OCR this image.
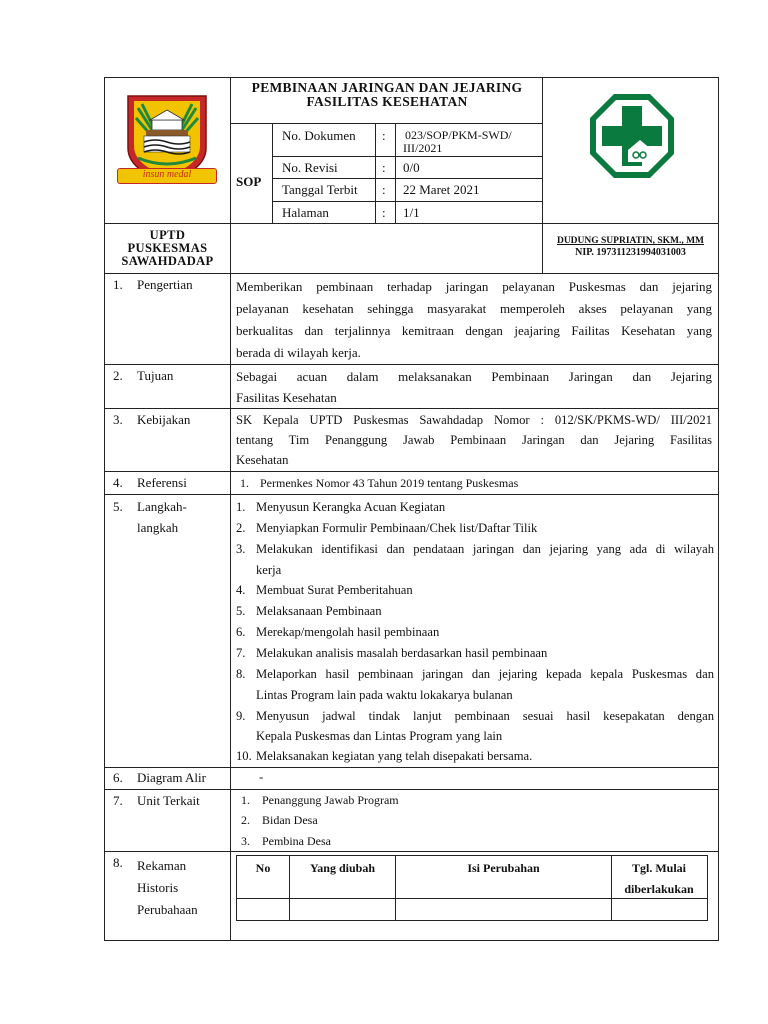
insun medal
PEMBINAAN JARINGAN DAN JEJARING
FASILITAS KESEHATAN
SOP
No. Dokumen : 023/SOP/PKM-SWD/
III/2021
No. Revisi	: 0/0
Tanggal Terbit : 22 Maret 2021
Halaman	: 1/1
UPTD
PUSKESMAS
SAWAHDADAP
DUDUNG SUPRIATIN, SKM., MM
NIP. 197311231994031003
1. Pengertian	Memberikan pembinaan terhadap jaringan pelayanan Puskesmas dan jejaring
pelayanan kesehatan sehingga masyarakat memperoleh akses pelayanan yang
berkualitas dan terjalinnya kemitraan dengan jeajaring Failitas Kesehatan yang
berada di wilayah kerja.
2. Tujuan	Sebagai acuan dalam melaksanakan Pembinaan Jaringan dan Jejaring
Fasilitas Kesehatan
3. Kebijakan	SK Kepala UPTD Puskesmas Sawahdadap Nomor : 012/SK/PKMS-WD/ III/2021
tentang Tim Penanggung Jawab Pembinaan Jaringan dan Jejaring Fasilitas
Kesehatan
4. Referensi	1. Permenkes Nomor 43 Tahun 2019 tentang Puskesmas
5. Langkah-
langkah
1. Menyusun Kerangka Acuan Kegiatan
2. Menyiapkan Formulir Pembinaan/Chek list/Daftar Tilik
3. Melakukan identifikasi dan pendataan jaringan dan jejaring yang ada di wilayah
kerja
4. Membuat Surat Pemberitahuan
5. Melaksanaan Pembinaan
6. Merekap/mengolah hasil pembinaan
7. Melakukan analisis masalah berdasarkan hasil pembinaan
8. Melaporkan hasil pembinaan jaringan dan jejaring kepada kepala Puskesmas dan
Lintas Program lain pada waktu lokakarya bulanan
9. Menyusun jadwal tindak lanjut pembinaan sesuai hasil kesepakatan dengan
Kepala Puskesmas dan Lintas Program yang lain
10. Melaksanakan kegiatan yang telah disepakati bersama.
6. Diagram Alir	-
7. Unit Terkait	1. Penanggung Jawab Program
2. Bidan Desa
3. Pembina Desa
8. Rekaman
Historis
Perubahaan
No	Yang diubah	Isi Perubahan	Tgl. Mulai
diberlakukan
